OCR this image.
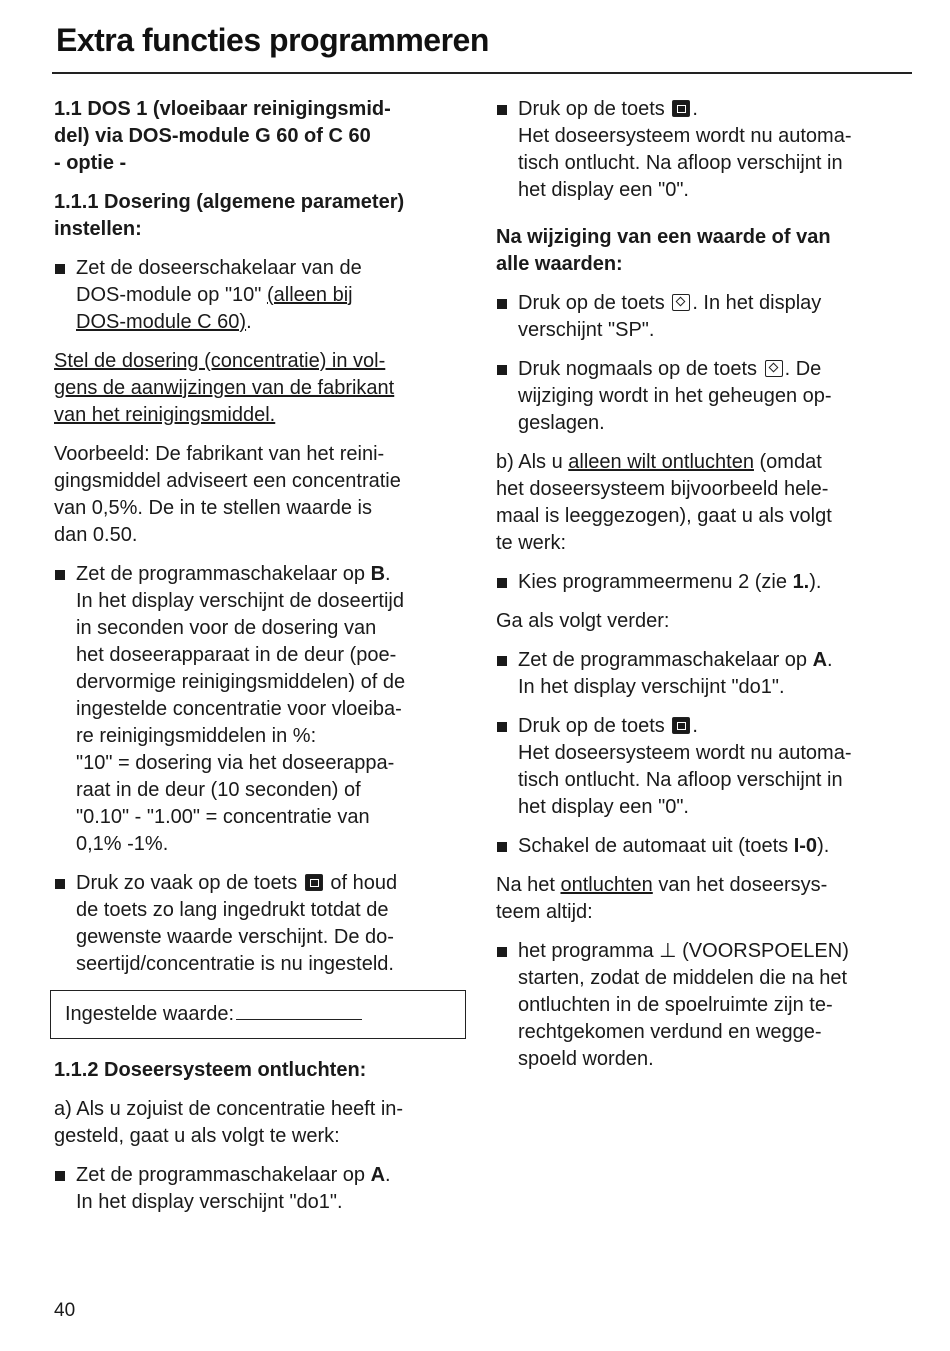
Extra functies programmeren
1.1 DOS 1 (vloeibaar reinigingsmid-
del) via DOS-module G 60 of C 60
- optie -
1.1.1 Dosering (algemene parameter)
instellen:
Zet de doseerschakelaar van de
DOS-module op "10" (alleen bij
DOS-module C 60).
Stel de dosering (concentratie) in vol-
gens de aanwijzingen van de fabrikant
van het reinigingsmiddel.
Voorbeeld: De fabrikant van het reini-
gingsmiddel adviseert een concentratie
van 0,5%. De in te stellen waarde is
dan 0.50.
Zet de programmaschakelaar op B.
In het display verschijnt de doseertijd
in seconden voor de dosering van
het doseerapparaat in de deur (poe-
dervormige reinigingsmiddelen) of de
ingestelde concentratie voor vloeiba-
re reinigingsmiddelen in %:
"10" = dosering via het doseerappa-
raat in de deur (10 seconden) of
"0.10" - "1.00" = concentratie van
0,1% -1%.
Druk zo vaak op de toets  of houd
de toets zo lang ingedrukt totdat de
gewenste waarde verschijnt. De do-
seertijd/concentratie is nu ingesteld.
Ingestelde waarde:
1.1.2 Doseersysteem ontluchten:
a) Als u zojuist de concentratie heeft in-
gesteld, gaat u als volgt te werk:
Zet de programmaschakelaar op A.
In het display verschijnt "do1".
Druk op de toets .
Het doseersysteem wordt nu automa-
tisch ontlucht. Na afloop verschijnt in
het display een "0".
Na wijziging van een waarde of van
alle waarden:
Druk op de toets . In het display
verschijnt "SP".
Druk nogmaals op de toets . De
wijziging wordt in het geheugen op-
geslagen.
b) Als u alleen wilt ontluchten (omdat
het doseersysteem bijvoorbeeld hele-
maal is leeggezogen), gaat u als volgt
te werk:
Kies programmeermenu 2 (zie 1.).
Ga als volgt verder:
Zet de programmaschakelaar op A.
In het display verschijnt "do1".
Druk op de toets .
Het doseersysteem wordt nu automa-
tisch ontlucht. Na afloop verschijnt in
het display een "0".
Schakel de automaat uit (toets I-0).
Na het ontluchten van het doseersys-
teem altijd:
het programma ⊥ (VOORSPOELEN)
starten, zodat de middelen die na het
ontluchten in de spoelruimte zijn te-
rechtgekomen verdund en wegge-
spoeld worden.
40
